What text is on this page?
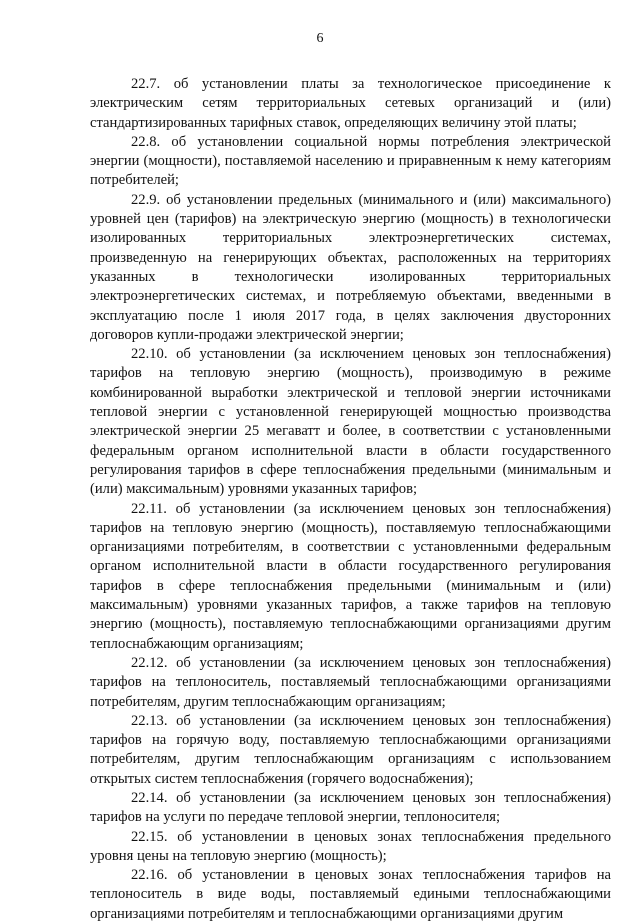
6

22.7. об установлении платы за технологическое присоединение к электрическим сетям территориальных сетевых организаций и (или) стандартизированных тарифных ставок, определяющих величину этой платы;

22.8. об установлении социальной нормы потребления электрической энергии (мощности), поставляемой населению и приравненным к нему категориям потребителей;

22.9. об установлении предельных (минимального и (или) максимального) уровней цен (тарифов) на электрическую энергию (мощность) в технологически изолированных территориальных электроэнергетических системах, произведенную на генерирующих объектах, расположенных на территориях указанных в технологически изолированных территориальных электроэнергетических системах, и потребляемую объектами, введенными в эксплуатацию после 1 июля 2017 года, в целях заключения двусторонних договоров купли-продажи электрической энергии;

22.10. об установлении (за исключением ценовых зон теплоснабжения) тарифов на тепловую энергию (мощность), производимую в режиме комбинированной выработки электрической и тепловой энергии источниками тепловой энергии с установленной генерирующей мощностью производства электрической энергии 25 мегаватт и более, в соответствии с установленными федеральным органом исполнительной власти в области государственного регулирования тарифов в сфере теплоснабжения предельными (минимальным и (или) максимальным) уровнями указанных тарифов;

22.11. об установлении (за исключением ценовых зон теплоснабжения) тарифов на тепловую энергию (мощность), поставляемую теплоснабжающими организациями потребителям, в соответствии с установленными федеральным органом исполнительной власти в области государственного регулирования тарифов в сфере теплоснабжения предельными (минимальным и (или) максимальным) уровнями указанных тарифов, а также тарифов на тепловую энергию (мощность), поставляемую теплоснабжающими организациями другим теплоснабжающим организациям;

22.12. об установлении (за исключением ценовых зон теплоснабжения) тарифов на теплоноситель, поставляемый теплоснабжающими организациями потребителям, другим теплоснабжающим организациям;

22.13. об установлении (за исключением ценовых зон теплоснабжения) тарифов на горячую воду, поставляемую теплоснабжающими организациями потребителям, другим теплоснабжающим организациям с использованием открытых систем теплоснабжения (горячего водоснабжения);

22.14. об установлении (за исключением ценовых зон теплоснабжения) тарифов на услуги по передаче тепловой энергии, теплоносителя;

22.15. об установлении в ценовых зонах теплоснабжения предельного уровня цены на тепловую энергию (мощность);

22.16. об установлении в ценовых зонах теплоснабжения тарифов на теплоноситель в виде воды, поставляемый едиными теплоснабжающими организациями потребителям и теплоснабжающими организациями другим
